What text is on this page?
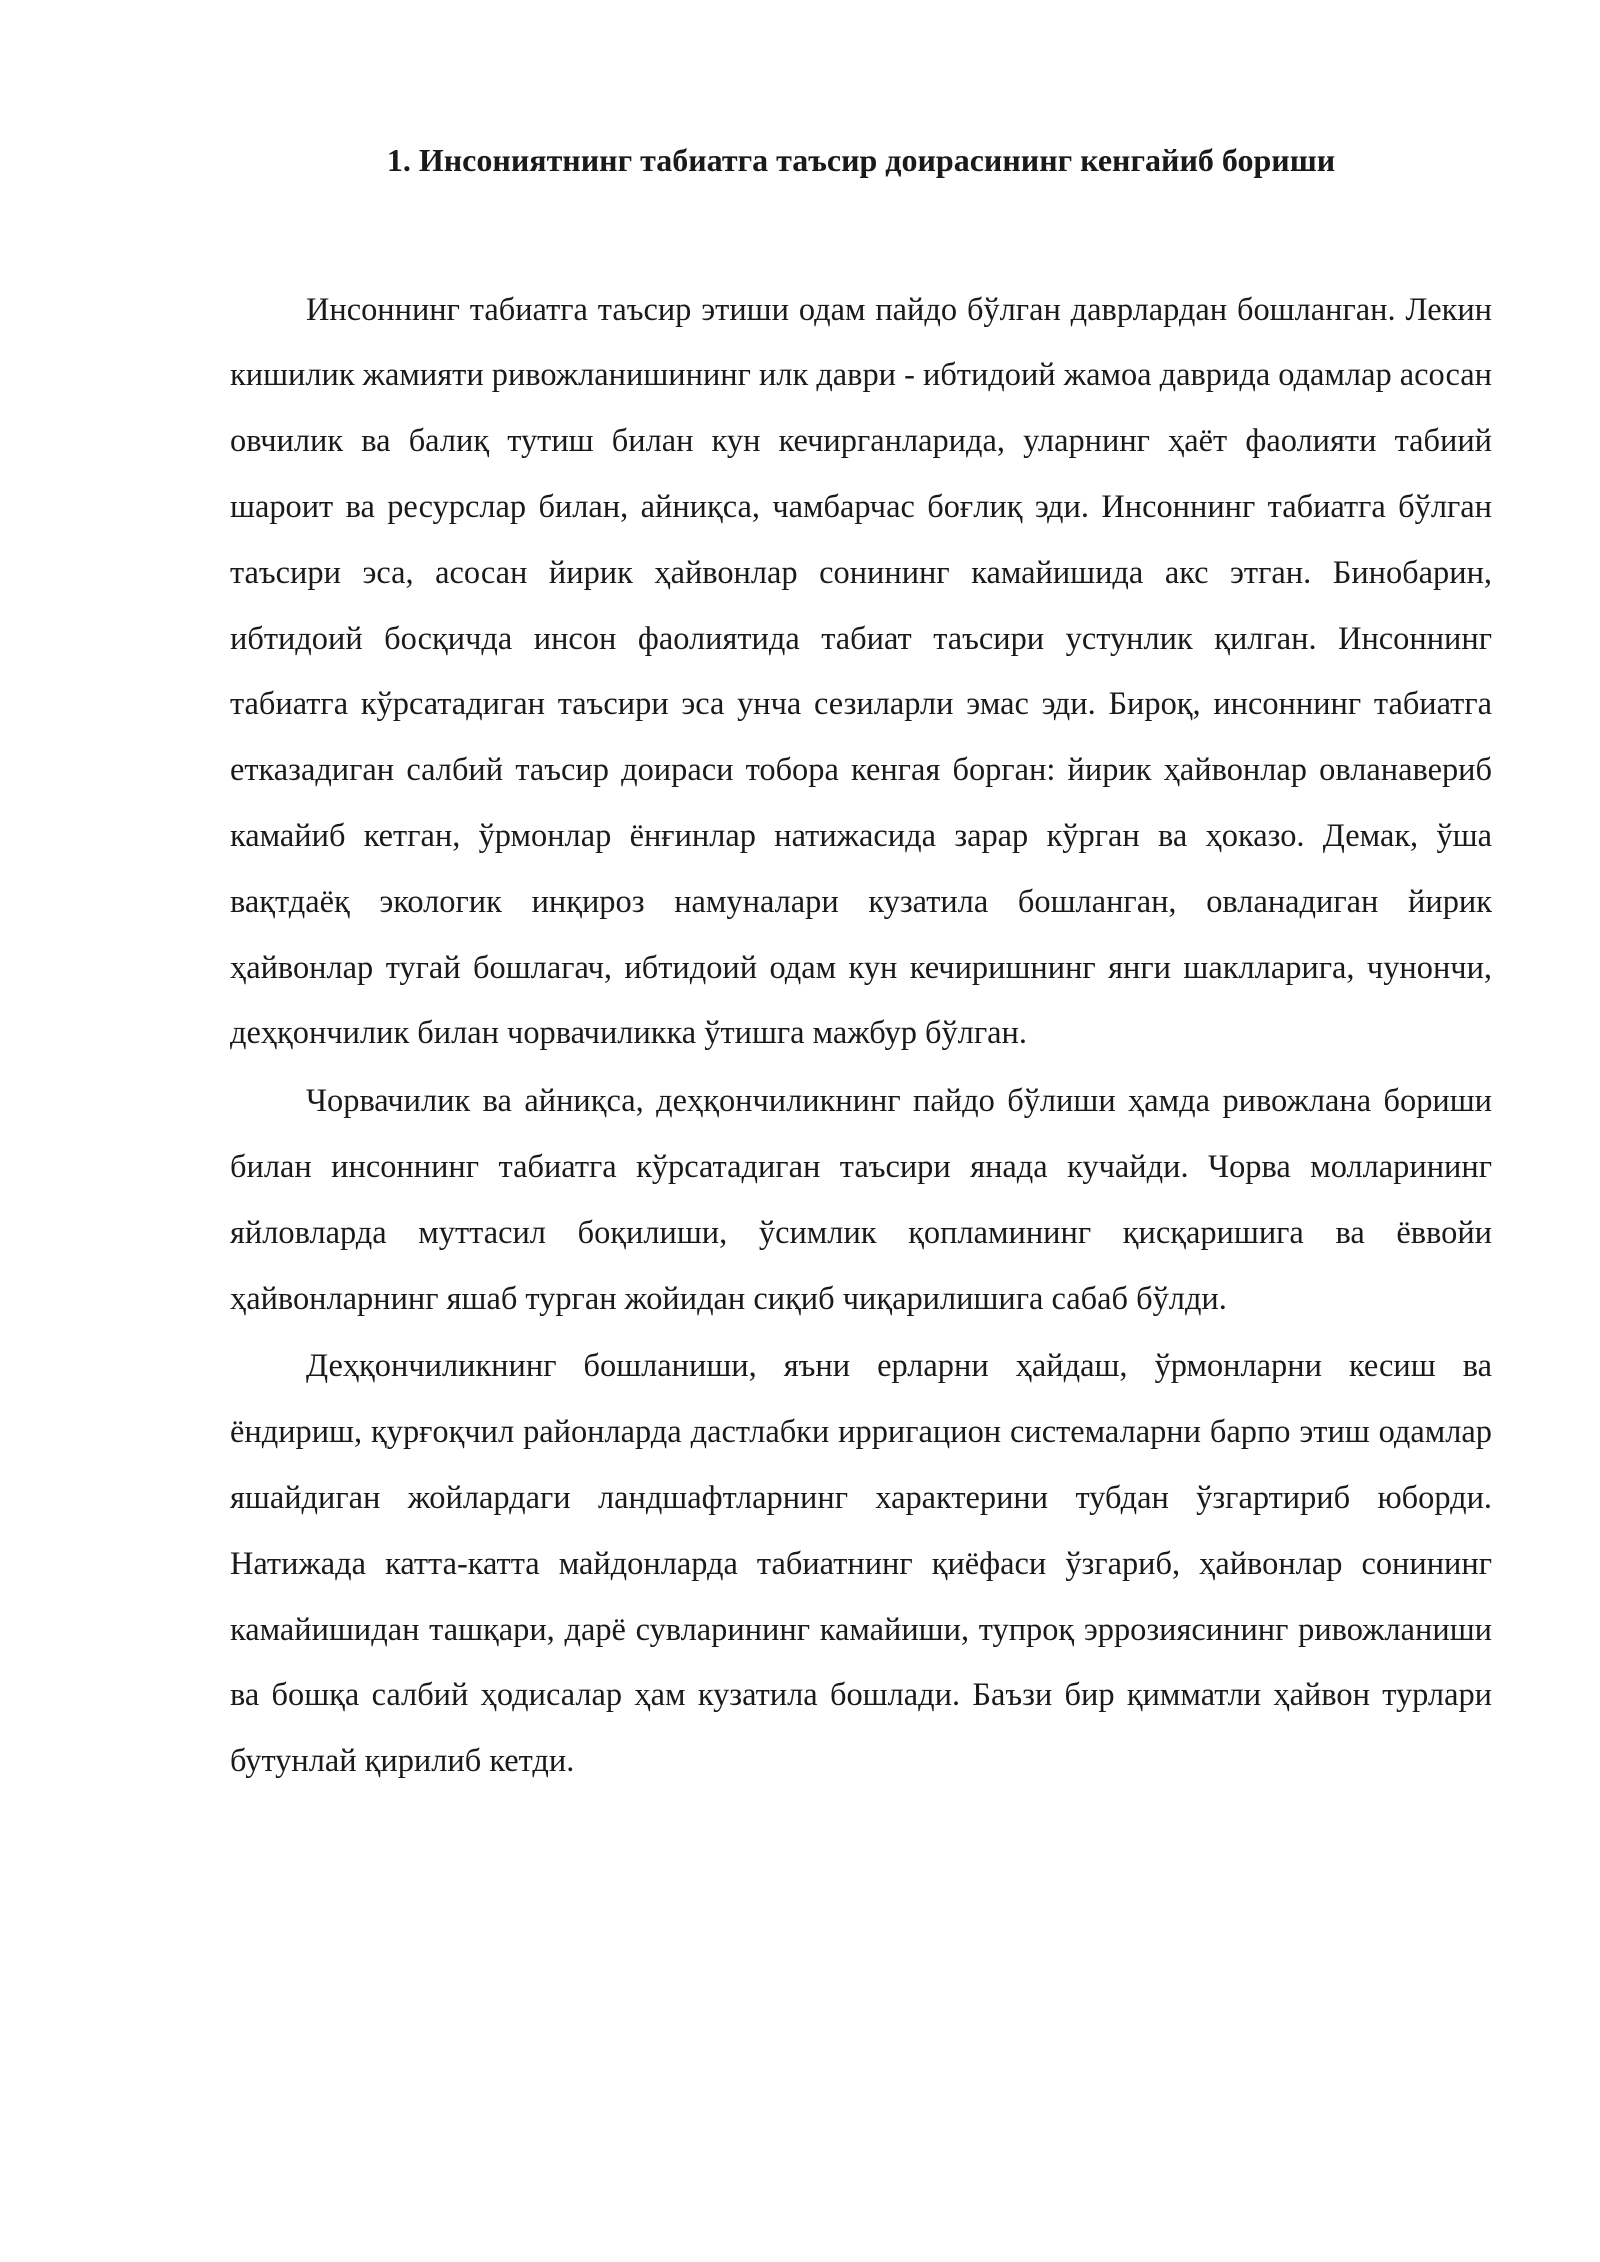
1. Инсониятнинг табиатга таъсир доирасининг кенгайиб бориши

Инсоннинг табиатга таъсир этиши одам пайдо бўлган даврлардан бошланган. Лекин кишилик жамияти ривожланишининг илк даври - ибтидоий жамоа даврида одамлар асосан овчилик ва балиқ тутиш билан кун кечирганларида, уларнинг ҳаёт фаолияти табиий шароит ва ресурслар билан, айниқса, чамбарчас боғлиқ эди. Инсоннинг табиатга бўлган таъсири эса, асосан йирик ҳайвонлар сонининг камайишида акс этган. Бинобарин, ибтидоий босқичда инсон фаолиятида табиат таъсири устунлик қилган. Инсоннинг табиатга кўрсатадиган таъсири эса унча сезиларли эмас эди. Бироқ, инсоннинг табиатга етказадиган салбий таъсир доираси тобора кенгая борган: йирик ҳайвонлар овланавериб камайиб кетган, ўрмонлар ёнғинлар натижасида зарар кўрган ва ҳоказо. Демак, ўша вақтдаёқ экологик инқироз намуналари кузатила бошланган, овланадиган йирик ҳайвонлар тугай бошлагач, ибтидоий одам кун кечиришнинг янги шаклларига, чунончи, деҳқончилик билан чорвачиликка ўтишга мажбур бўлган.

Чорвачилик ва айниқса, деҳқончиликнинг пайдо бўлиши ҳамда ривожлана бориши билан инсоннинг табиатга кўрсатадиган таъсири янада кучайди. Чорва молларининг яйловларда муттасил боқилиши, ўсимлик қопламининг қисқаришига ва ёввойи ҳайвонларнинг яшаб турган жойидан сиқиб чиқарилишига сабаб бўлди.

Деҳқончиликнинг бошланиши, яъни ерларни ҳайдаш, ўрмонларни кесиш ва ёндириш, қурғоқчил районларда дастлабки ирригацион системаларни барпо этиш одамлар яшайдиган жойлардаги ландшафтларнинг характерини тубдан ўзгартириб юборди. Натижада катта-катта майдонларда табиатнинг қиёфаси ўзгариб, ҳайвонлар сонининг камайишидан ташқари, дарё сувларининг камайиши, тупроқ эррозиясининг ривожланиши ва бошқа салбий ҳодисалар ҳам кузатила бошлади. Баъзи бир қимматли ҳайвон турлари бутунлай қирилиб кетди.
